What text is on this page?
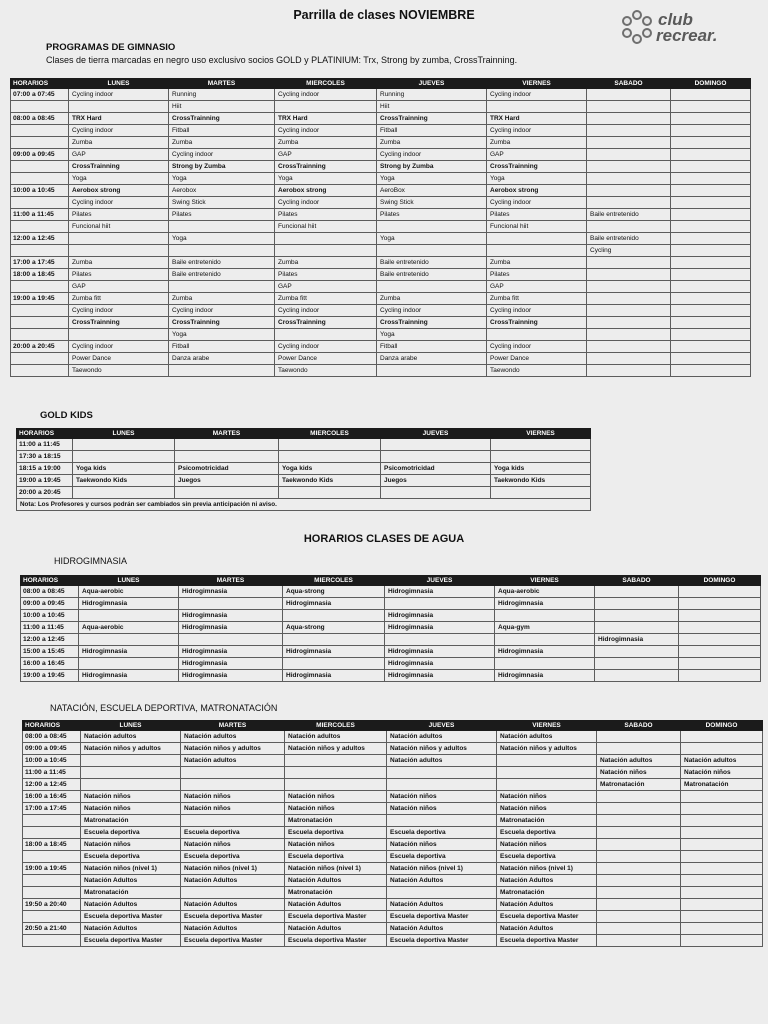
Parrilla de clases NOVIEMBRE	club
recrear.
PROGRAMAS DE GIMNASIO
Clases de tierra marcadas en negro uso exclusivo socios GOLD y PLATINIUM: Trx, Strong by zumba, CrossTrainning.
HORARIOS	LUNES	MARTES	MIERCOLES	JUEVES	VIERNES	SABADO	DOMINGO
07:00 a 07:45	Cycling indoor	Running	Cycling indoor	Running	Cycling indoor		
		Hiit		Hiit			
08:00 a 08:45	TRX Hard	CrossTrainning	TRX Hard	CrossTrainning	TRX Hard		
	Cycling indoor	Fitball	Cycling indoor	Fitball	Cycling indoor		
	Zumba	Zumba	Zumba	Zumba	Zumba		
09:00 a 09:45	GAP	Cycling indoor	GAP	Cycling indoor	GAP		
	CrossTrainning	Strong by Zumba	CrossTrainning	Strong by Zumba	CrossTrainning		
	Yoga	Yoga	Yoga	Yoga	Yoga		
10:00 a 10:45	Aerobox strong	Aerobox	Aerobox strong	AeroBox	Aerobox strong		
	Cycling indoor	Swing Stick	Cycling indoor	Swing Stick	Cycling indoor		
11:00 a 11:45	Pilates	Pilates	Pilates	Pilates	Pilates	Baile entretenido	
	Funcional hiit		Funcional hiit		Funcional hiit		
12:00 a 12:45		Yoga		Yoga		Baile entretenido	
						Cycling	
17:00 a 17:45	Zumba	Baile entretenido	Zumba	Baile entretenido	Zumba		
18:00 a 18:45	Pilates	Baile entretenido	Pilates	Baile entretenido	Pilates		
	GAP		GAP		GAP		
19:00 a 19:45	Zumba fitt	Zumba	Zumba fitt	Zumba	Zumba fitt		
	Cycling indoor	Cycling indoor	Cycling indoor	Cycling indoor	Cycling indoor		
	CrossTrainning	CrossTrainning	CrossTrainning	CrossTrainning	CrossTrainning		
		Yoga		Yoga			
20:00 a 20:45	Cycling indoor	Fitball	Cycling indoor	Fitball	Cycling indoor		
	Power Dance	Danza arabe	Power Dance	Danza arabe	Power Dance		
	Taewondo		Taewondo		Taewondo		
GOLD KIDS
HORARIOS	LUNES	MARTES	MIERCOLES	JUEVES	VIERNES
11:00 a 11:45					
17:30 a 18:15					
18:15 a 19:00	Yoga kids	Psicomotricidad	Yoga kids	Psicomotricidad	Yoga kids
19:00 a 19:45	Taekwondo Kids	Juegos	Taekwondo Kids	Juegos	Taekwondo Kids
20:00 a 20:45					
Nota: Los Profesores y cursos podrán ser cambiados sin previa anticipación ni aviso.					
HORARIOS CLASES DE AGUA
HIDROGIMNASIA
HORARIOS	LUNES	MARTES	MIERCOLES	JUEVES	VIERNES	SABADO	DOMINGO
08:00 a 08:45	Aqua-aerobic	Hidrogimnasia	Aqua-strong	Hidrogimnasia	Aqua-aerobic		
09:00 a 09:45	Hidrogimnasia		Hidrogimnasia		Hidrogimnasia		
10:00 a 10:45		Hidrogimnasia		Hidrogimnasia			
11:00 a 11:45	Aqua-aerobic	Hidrogimnasia	Aqua-strong	Hidrogimnasia	Aqua-gym		
12:00 a 12:45						Hidrogimnasia	
15:00 a 15:45	Hidrogimnasia	Hidrogimnasia	Hidrogimnasia	Hidrogimnasia	Hidrogimnasia		
16:00 a 16:45		Hidrogimnasia		Hidrogimnasia			
19:00 a 19:45	Hidrogimnasia	Hidrogimnasia	Hidrogimnasia	Hidrogimnasia	Hidrogimnasia		
NATACIÓN, ESCUELA DEPORTIVA, MATRONATACIÓN
HORARIOS	LUNES	MARTES	MIERCOLES	JUEVES	VIERNES	SABADO	DOMINGO
08:00 a 08:45	Natación adultos	Natación adultos	Natación adultos	Natación adultos	Natación adultos		
09:00 a 09:45	Natación niños y adultos	Natación niños y adultos	Natación niños y adultos	Natación niños y adultos	Natación niños y adultos		
10:00 a 10:45		Natación adultos		Natación adultos		Natación adultos	Natación adultos
11:00 a 11:45						Natación niños	Natación niños
12:00 a 12:45						Matronatación	Matronatación
16:00 a 16:45	Natación niños	Natación niños	Natación niños	Natación niños	Natación niños		
17:00 a 17:45	Natación niños	Natación niños	Natación niños	Natación niños	Natación niños		
	Matronatación		Matronatación		Matronatación		
	Escuela deportiva	Escuela deportiva	Escuela deportiva	Escuela deportiva	Escuela deportiva		
18:00 a 18:45	Natación niños	Natación niños	Natación niños	Natación niños	Natación niños		
	Escuela deportiva	Escuela deportiva	Escuela deportiva	Escuela deportiva	Escuela deportiva		
19:00 a 19:45	Natación niños (nivel 1)	Natación niños (nivel 1)	Natación niños (nivel 1)	Natación niños (nivel 1)	Natación niños (nivel 1)		
	Natación Adultos	Natación Adultos	Natación Adultos	Natación Adultos	Natación Adultos		
	Matronatación		Matronatación		Matronatación		
19:50 a 20:40	Natación Adultos	Natación Adultos	Natación Adultos	Natación Adultos	Natación Adultos		
	Escuela deportiva Master	Escuela deportiva Master	Escuela deportiva Master	Escuela deportiva Master	Escuela deportiva Master		
20:50 a 21:40	Natación Adultos	Natación Adultos	Natación Adultos	Natación Adultos	Natación Adultos		
	Escuela deportiva Master	Escuela deportiva Master	Escuela deportiva Master	Escuela deportiva Master	Escuela deportiva Master		
